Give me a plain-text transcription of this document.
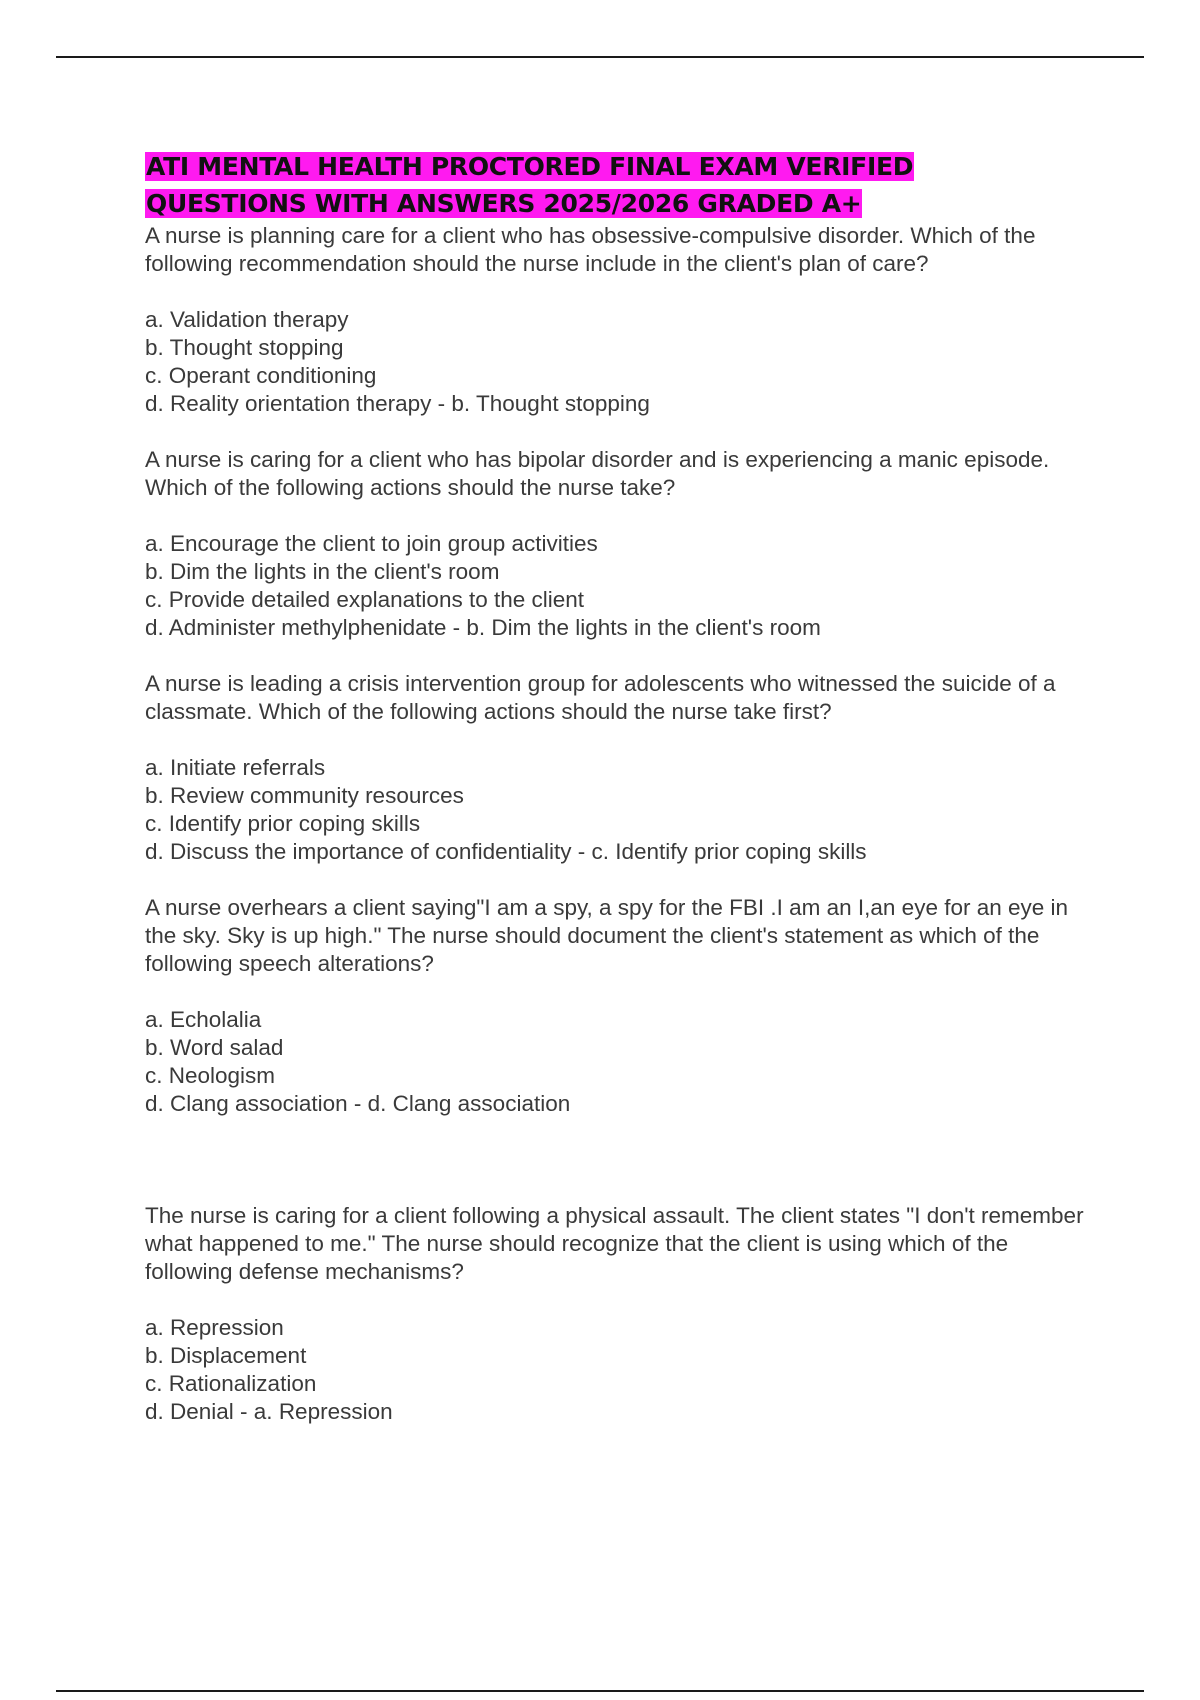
ATI MENTAL HEALTH PROCTORED FINAL EXAM VERIFIED
QUESTIONS WITH ANSWERS 2025/2026 GRADED A+

A nurse is planning care for a client who has obsessive-compulsive disorder. Which of the following recommendation should the nurse include in the client's plan of care?

a. Validation therapy
b. Thought stopping
c. Operant conditioning
d. Reality orientation therapy - b. Thought stopping

A nurse is caring for a client who has bipolar disorder and is experiencing a manic episode. Which of the following actions should the nurse take?

a. Encourage the client to join group activities
b. Dim the lights in the client's room
c. Provide detailed explanations to the client
d. Administer methylphenidate - b. Dim the lights in the client's room

A nurse is leading a crisis intervention group for adolescents who witnessed the suicide of a classmate. Which of the following actions should the nurse take first?

a. Initiate referrals
b. Review community resources
c. Identify prior coping skills
d. Discuss the importance of confidentiality - c. Identify prior coping skills

A nurse overhears a client saying"I am a spy, a spy for the FBI .I am an I,an eye for an eye in the sky. Sky is up high." The nurse should document the client's statement as which of the following speech alterations?

a. Echolalia
b. Word salad
c. Neologism
d. Clang association - d. Clang association

The nurse is caring for a client following a physical assault. The client states "I don't remember what happened to me." The nurse should recognize that the client is using which of the following defense mechanisms?

a. Repression
b. Displacement
c. Rationalization
d. Denial - a. Repression
